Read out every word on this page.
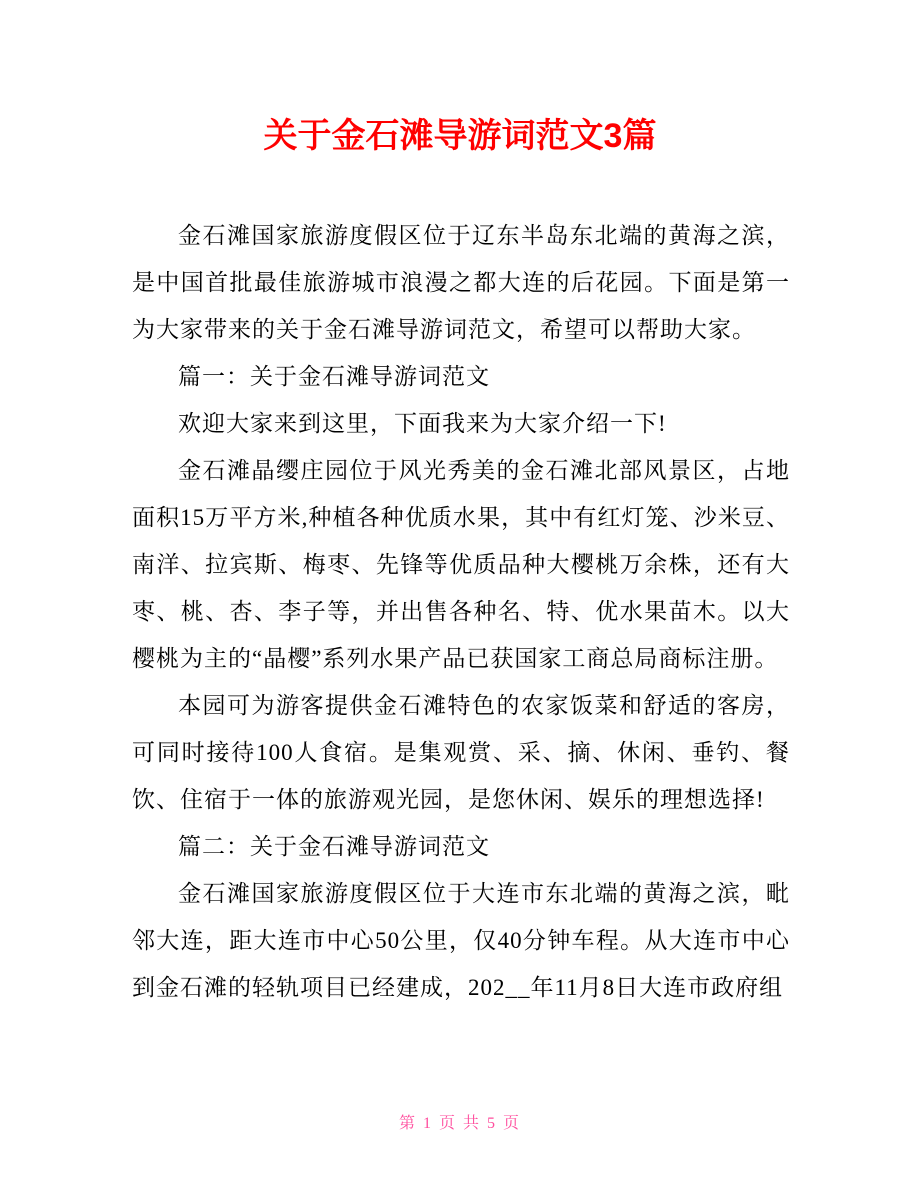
关于金石滩导游词范文3篇

金石滩国家旅游度假区位于辽东半岛东北端的黄海之滨，是中国首批最佳旅游城市浪漫之都大连的后花园。下面是第一为大家带来的关于金石滩导游词范文，希望可以帮助大家。

篇一：关于金石滩导游词范文

欢迎大家来到这里，下面我来为大家介绍一下!

金石滩晶缨庄园位于风光秀美的金石滩北部风景区，占地面积15万平方米,种植各种优质水果，其中有红灯笼、沙米豆、南洋、拉宾斯、梅枣、先锋等优质品种大樱桃万余株，还有大枣、桃、杏、李子等，并出售各种名、特、优水果苗木。以大樱桃为主的“晶樱”系列水果产品已获国家工商总局商标注册。

本园可为游客提供金石滩特色的农家饭菜和舒适的客房，可同时接待100人食宿。是集观赏、采、摘、休闲、垂钓、餐饮、住宿于一体的旅游观光园，是您休闲、娱乐的理想选择!

篇二：关于金石滩导游词范文

金石滩国家旅游度假区位于大连市东北端的黄海之滨，毗邻大连，距大连市中心50公里，仅40分钟车程。从大连市中心到金石滩的轻轨项目已经建成，202__年11月8日大连市政府组

第 1 页 共 5 页
